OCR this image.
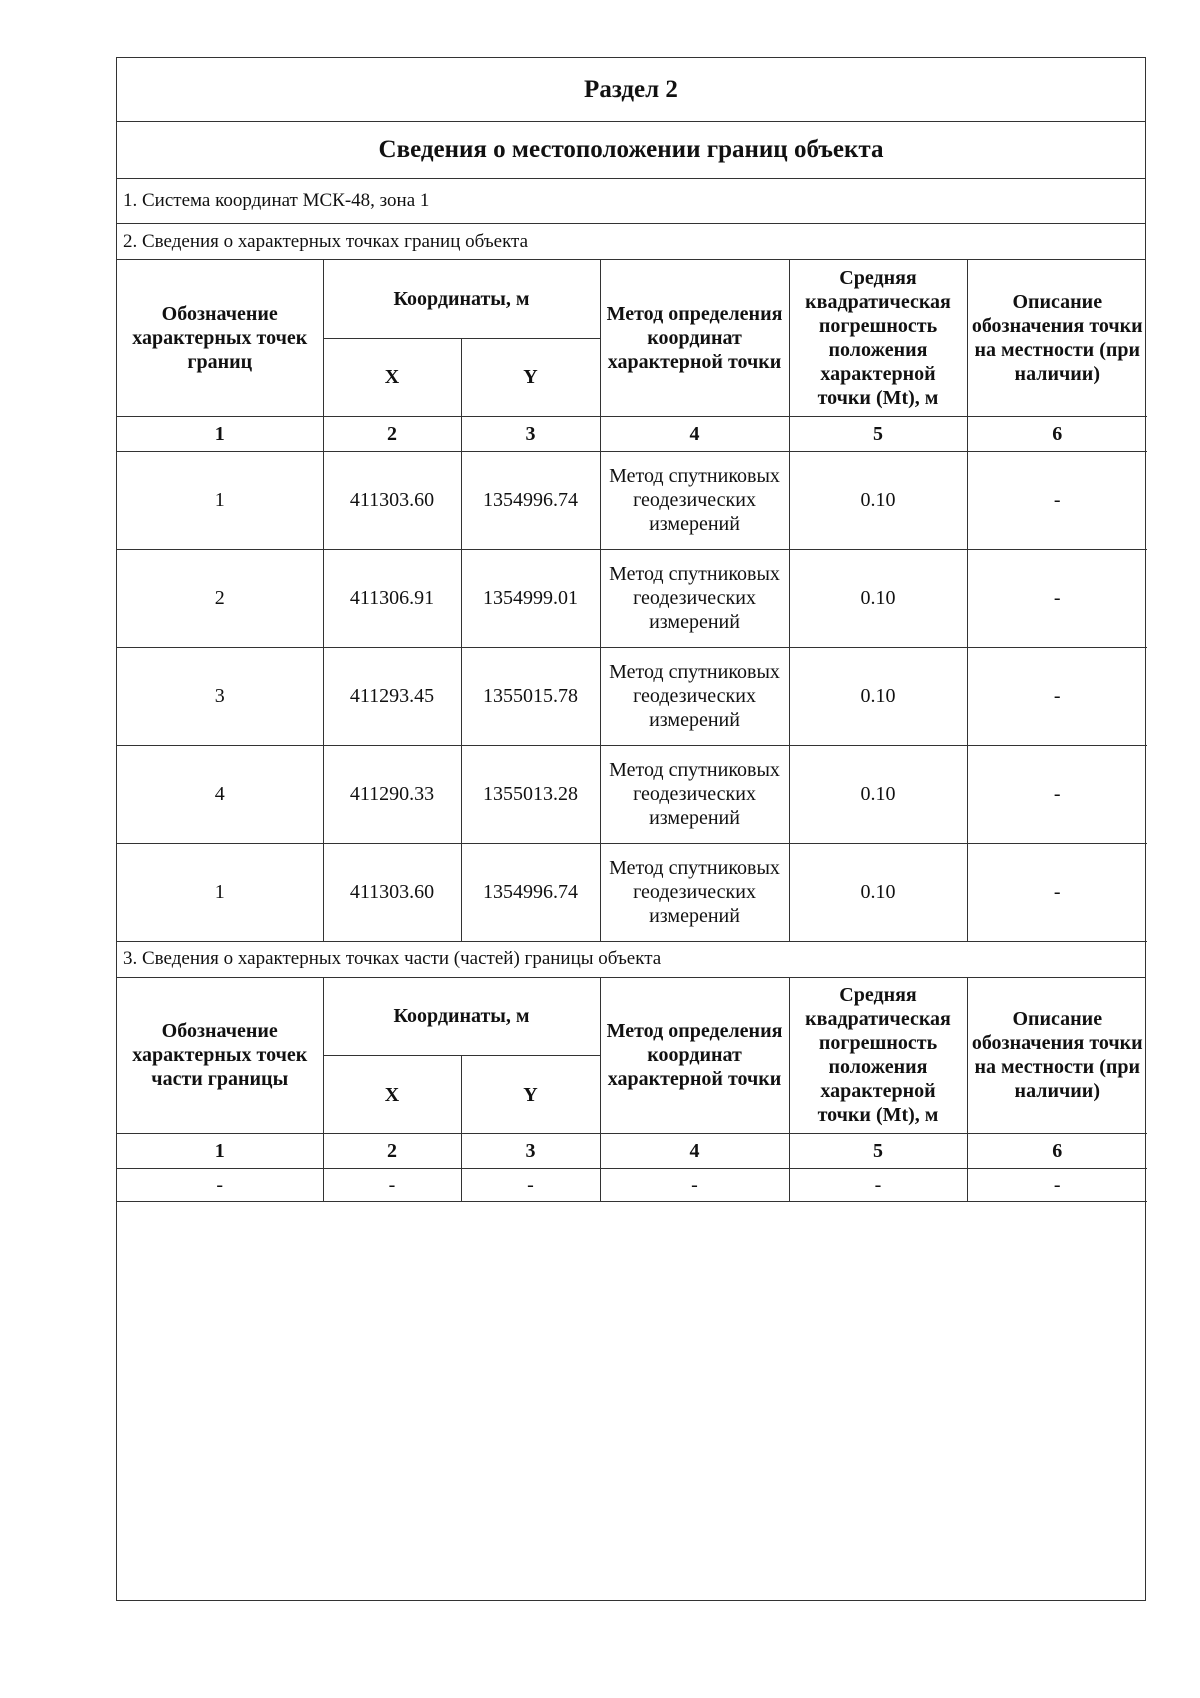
Раздел 2
Сведения о местоположении границ объекта
1. Система координат МСК-48, зона 1
2. Сведения о характерных точках границ объекта
Обозначение характерных точек границ	Координаты, м		Метод определения координат характерной точки	Средняя квадратическая погрешность положения характерной точки (Mt), м	Описание обозначения точки на местности (при наличии)
	X	Y			
1	2	3	4	5	6
1	411303.60	1354996.74	Метод спутниковых геодезических измерений	0.10	-
2	411306.91	1354999.01	Метод спутниковых геодезических измерений	0.10	-
3	411293.45	1355015.78	Метод спутниковых геодезических измерений	0.10	-
4	411290.33	1355013.28	Метод спутниковых геодезических измерений	0.10	-
1	411303.60	1354996.74	Метод спутниковых геодезических измерений	0.10	-
3. Сведения о характерных точках части (частей) границы объекта
Обозначение характерных точек части границы	Координаты, м		Метод определения координат характерной точки	Средняя квадратическая погрешность положения характерной точки (Mt), м	Описание обозначения точки на местности (при наличии)
	X	Y			
1	2	3	4	5	6
-	-	-	-	-	-
